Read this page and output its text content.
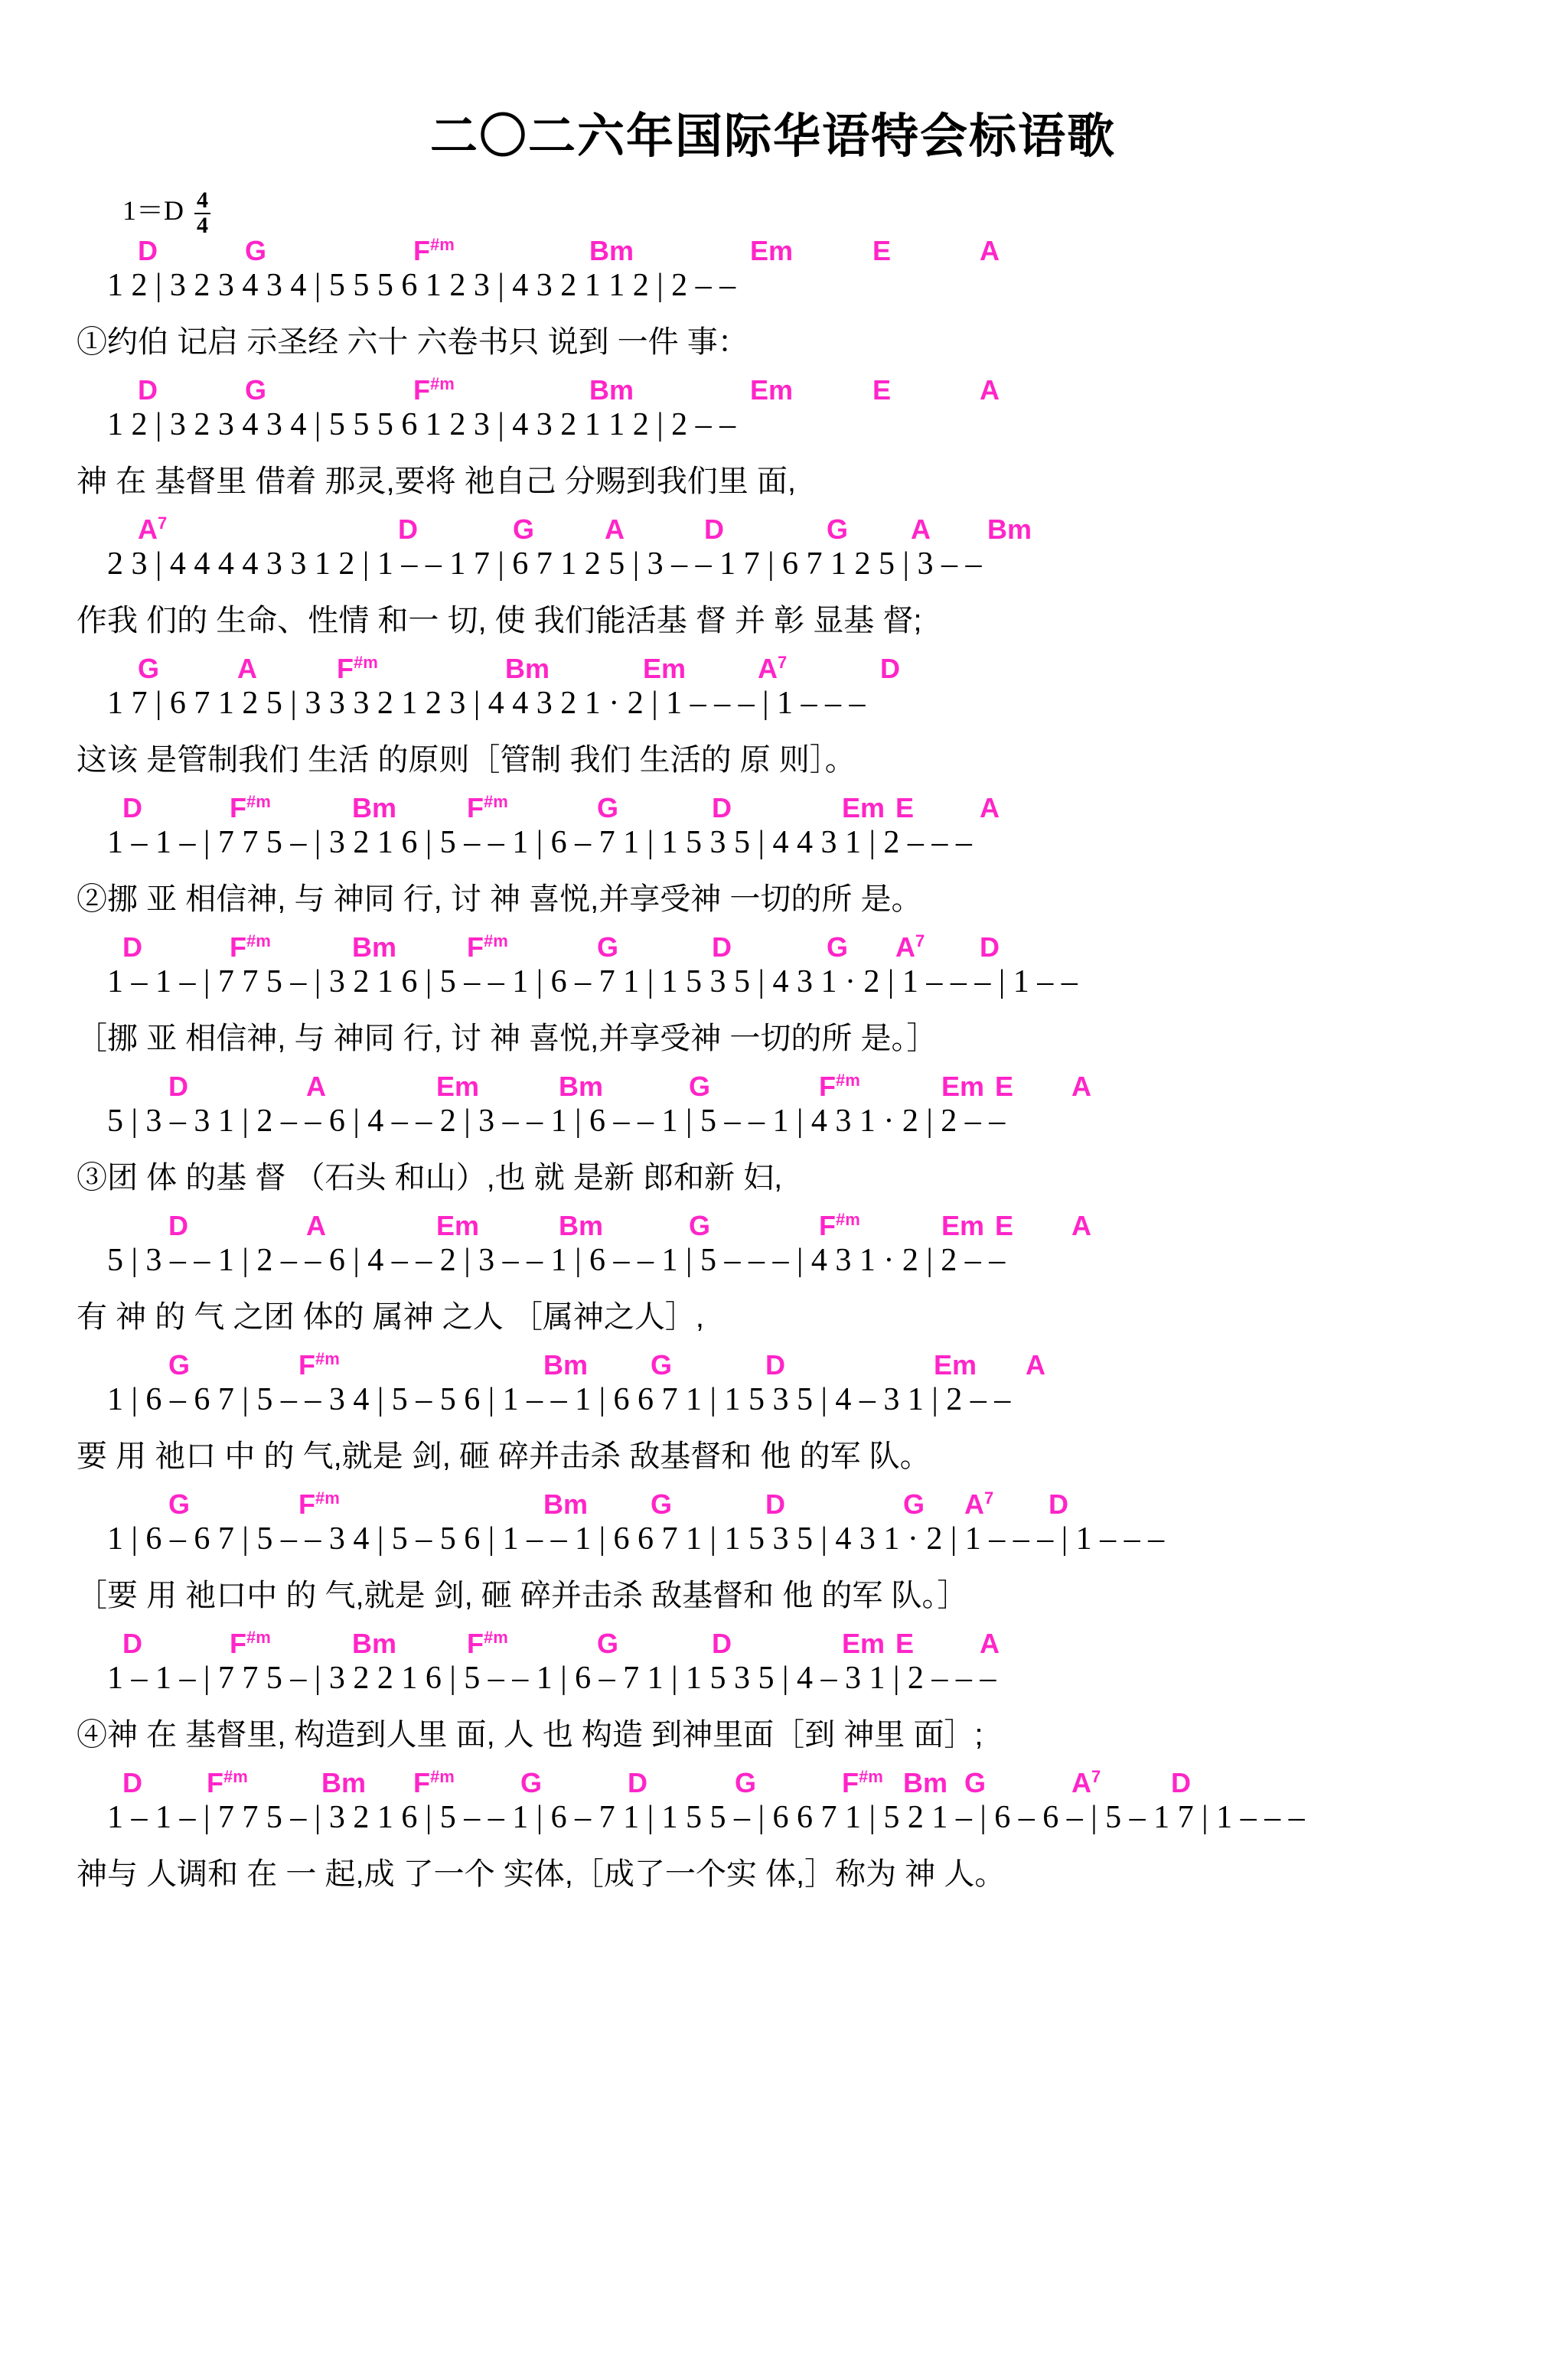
二〇二六年国际华语特会标语歌
$1=D \frac{4}{4}$
D	G	$F^{\#m}$	Bm	Em	E	A
1 2 | 3 2 3 4 3 4 | 5 5 5 6 1 2 3 | 4 3 2 1 1 2 | 2 – –
①约伯 记启 示圣经 六十 六卷书只 说到 一件 事：
D	G	$F^{\#m}$	Bm	Em	E	A
1 2 | 3 2 3 4 3 4 | 5 5 5 6 1 2 3 | 4 3 2 1 1 2 | 2 – –
神 在 基督里 借着 那灵,要将 祂自己 分赐到我们里 面,
$A^7$	D	G	A	D	G A Bm
2 3 | 4 4 4 4 3 3 1 2 | 1 – – 1 7 | 6 7 1 2 5 | 3 – – 1 7 | 6 7 1 2 5 | 3 – –
作我 们的 生命、性情 和一 切, 使 我们能活基 督 并 彰 显基 督;
G	A	$F^{\#m}$	Bm	Em	$A^7$	D
1 7 | 6 7 1 2 5 | 3 3 3 2 1 2 3 | 4 4 3 2 1 · 2 | 1 – – – | 1 – – –
这该 是管制我们 生活 的原则［管制 我们 生活的 原 则］。
D	$F^{\#m}$	Bm	$F^{\#m}$	G	D	Em E A
1 – 1 – | 7 7 5 – | 3 2 1 6 | 5 – – 1 | 6 – 7 1 | 1 5 3 5 | 4 4 3 1 | 2 – – –
②挪 亚 相信神, 与 神同 行, 讨 神 喜悦,并享受神 一切的所 是。
D	$F^{\#m}$	Bm	$F^{\#m}$	G	D	G $A^7$ D
1 – 1 – | 7 7 5 – | 3 2 1 6 | 5 – – 1 | 6 – 7 1 | 1 5 3 5 | 4 3 1 · 2 | 1 – – – | 1 – –
［挪 亚 相信神, 与 神同 行, 讨 神 喜悦,并享受神 一切的所 是。］
D	A	Em	Bm	G	$F^{\#m}$	Em E A
5 | 3 – 3 1 | 2 – – 6 | 4 – – 2 | 3 – – 1 | 6 – – 1 | 5 – – 1 | 4 3 1 · 2 | 2 – –
③团 体 的基 督 （石头 和山）,也 就 是新 郎和新 妇,
D	A	Em	Bm	G	$F^{\#m}$	Em E A
5 | 3 – – 1 | 2 – – 6 | 4 – – 2 | 3 – – 1 | 6 – – 1 | 5 – – – | 4 3 1 · 2 | 2 – –
有 神 的 气 之团 体的 属神 之人 ［属神之人］,
G	$F^{\#m}$	Bm G	D	Em A
1 | 6 – 6 7 | 5 – – 3 4 | 5 – 5 6 | 1 – – 1 | 6 6 7 1 | 1 5 3 5 | 4 – 3 1 | 2 – –
要 用 祂口 中 的 气,就是 剑, 砸 碎并击杀 敌基督和 他 的军 队。
G	$F^{\#m}$	Bm G	D	G $A^7$ D
1 | 6 – 6 7 | 5 – – 3 4 | 5 – 5 6 | 1 – – 1 | 6 6 7 1 | 1 5 3 5 | 4 3 1 · 2 | 1 – – – | 1 – – –
［要 用 祂口中 的 气,就是 剑, 砸 碎并击杀 敌基督和 他 的军 队。］
D	$F^{\#m}$	Bm	$F^{\#m}$	G	D	Em E A
1 – 1 – | 7 7 5 – | 3 2 2 1 6 | 5 – – 1 | 6 – 7 1 | 1 5 3 5 | 4 – 3 1 | 2 – – –
④神 在 基督里, 构造到人里 面, 人 也 构造 到神里面［到 神里 面］;
D $F^{\#m}$	Bm $F^{\#m}$ G	D	G	$F^{\#m}$ Bm G	$A^7$	D
1 – 1 – | 7 7 5 – | 3 2 1 6 | 5 – – 1 | 6 – 7 1 | 1 5 5 – | 6 6 7 1 | 5 2 1 – | 6 – 6 – | 5 – 1 7 | 1 – – –
神与 人调和 在 一 起,成 了一个 实体,［成了一个实 体,］称为 神 人。
